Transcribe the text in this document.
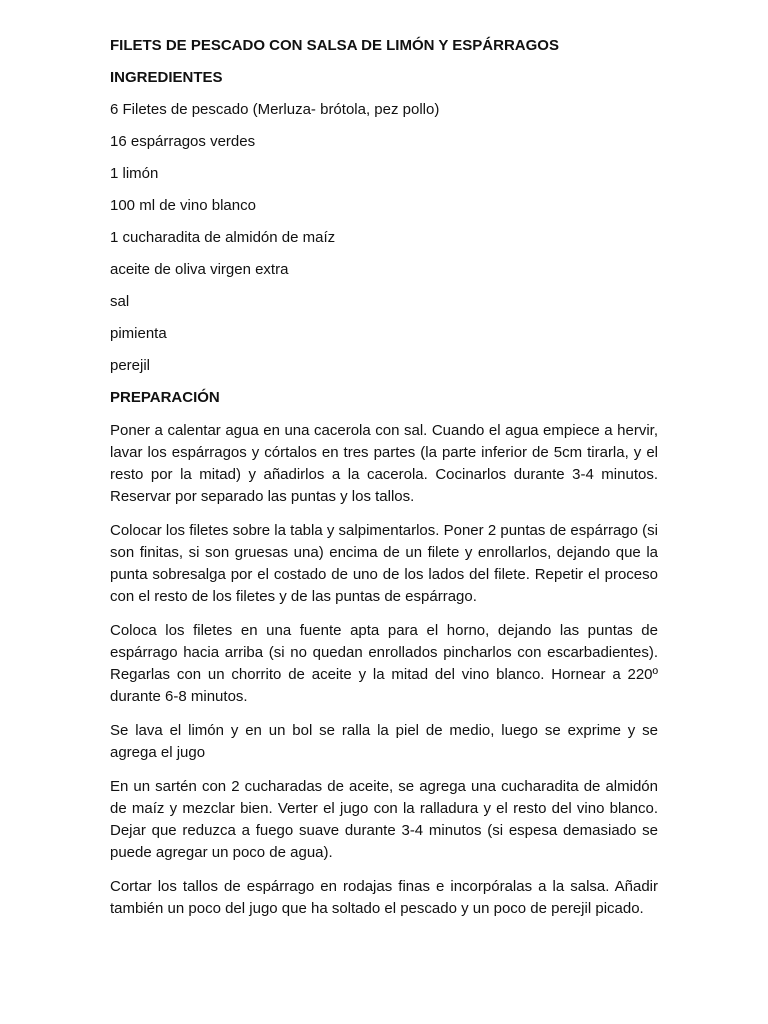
FILETS DE PESCADO CON SALSA DE LIMÓN Y ESPÁRRAGOS
INGREDIENTES
6 Filetes de pescado (Merluza- brótola, pez pollo)
16 espárragos verdes
1 limón
100 ml de vino blanco
1 cucharadita de almidón de maíz
aceite de oliva virgen extra
sal
pimienta
perejil
PREPARACIÓN

Poner a calentar agua en una cacerola con sal. Cuando el agua empiece a hervir, lavar los espárragos y córtalos en tres partes (la parte inferior de 5cm tirarla, y el resto por la mitad) y añadirlos a la cacerola. Cocinarlos durante 3-4 minutos. Reservar por separado las puntas y los tallos.

Colocar los filetes sobre la tabla y salpimentarlos. Poner 2 puntas de espárrago (si son finitas, si son gruesas una) encima de un filete y enrollarlos, dejando que la punta sobresalga por el costado de uno de los lados del filete. Repetir el proceso con el resto de los filetes y de las puntas de espárrago.

Coloca los filetes en una fuente apta para el horno, dejando las puntas de espárrago hacia arriba (si no quedan enrollados pincharlos con escarbadientes). Regarlas con un chorrito de aceite y la mitad del vino blanco. Hornear a 220º durante 6-8 minutos.

Se lava el limón y en un bol se ralla la piel de medio, luego se exprime y se agrega el jugo

En un sartén con 2 cucharadas de aceite, se agrega una cucharadita de almidón de maíz y mezclar bien. Verter el jugo con la ralladura y el resto del vino blanco. Dejar que reduzca a fuego suave durante 3-4 minutos (si espesa demasiado se puede agregar un poco de agua).

Cortar los tallos de espárrago en rodajas finas e incorpóralas a la salsa. Añadir también un poco del jugo que ha soltado el pescado y un poco de perejil picado.
